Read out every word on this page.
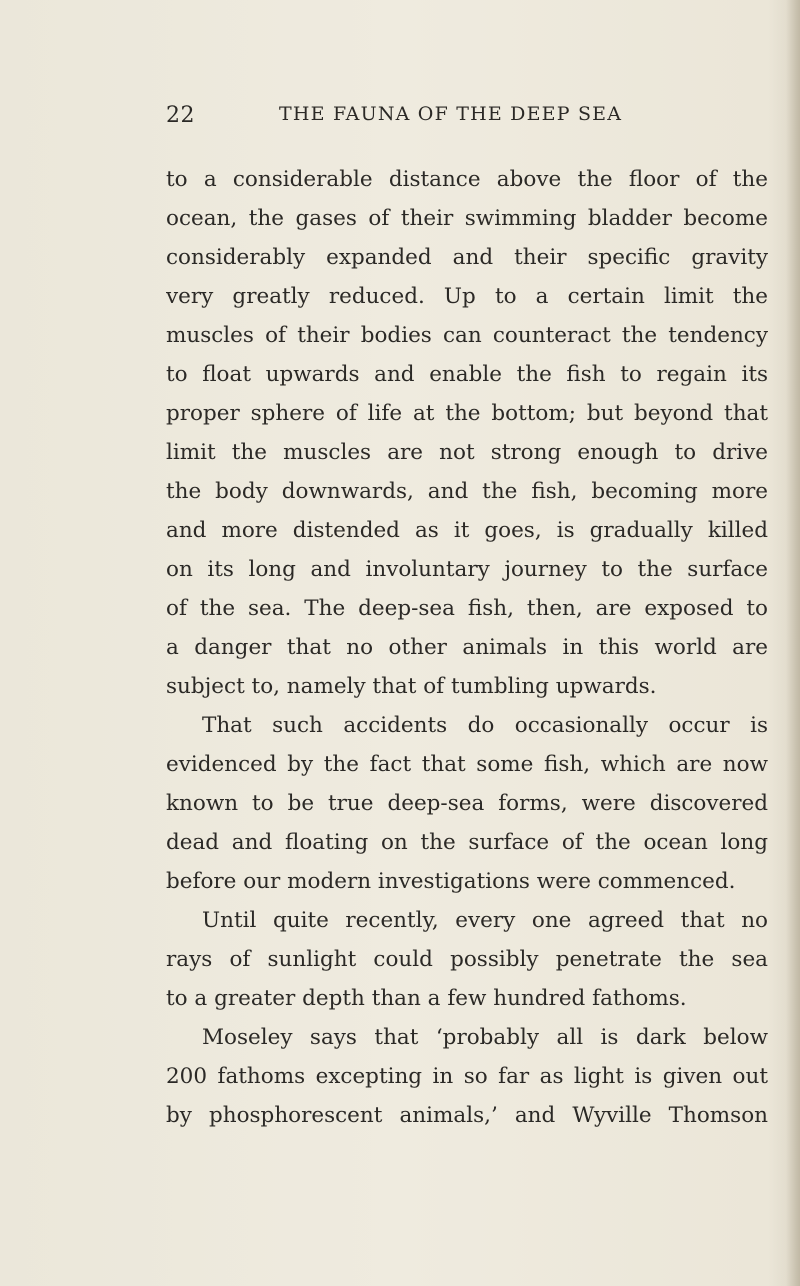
22	THE FAUNA OF THE DEEP SEA
to a considerable distance above the floor of the
ocean, the gases of their swimming bladder become
considerably expanded and their specific gravity
very greatly reduced. Up to a certain limit the
muscles of their bodies can counteract the tendency
to float upwards and enable the fish to regain its
proper sphere of life at the bottom; but beyond that
limit the muscles are not strong enough to drive
the body downwards, and the fish, becoming more
and more distended as it goes, is gradually killed
on its long and involuntary journey to the surface
of the sea. The deep-sea fish, then, are exposed to
a danger that no other animals in this world are
subject to, namely that of tumbling upwards.
That such accidents do occasionally occur is
evidenced by the fact that some fish, which are now
known to be true deep-sea forms, were discovered
dead and floating on the surface of the ocean long
before our modern investigations were commenced.
Until quite recently, every one agreed that no
rays of sunlight could possibly penetrate the sea
to a greater depth than a few hundred fathoms.
Moseley says that ‘probably all is dark below
200 fathoms excepting in so far as light is given out
by phosphorescent animals,’ and Wyville Thomson
